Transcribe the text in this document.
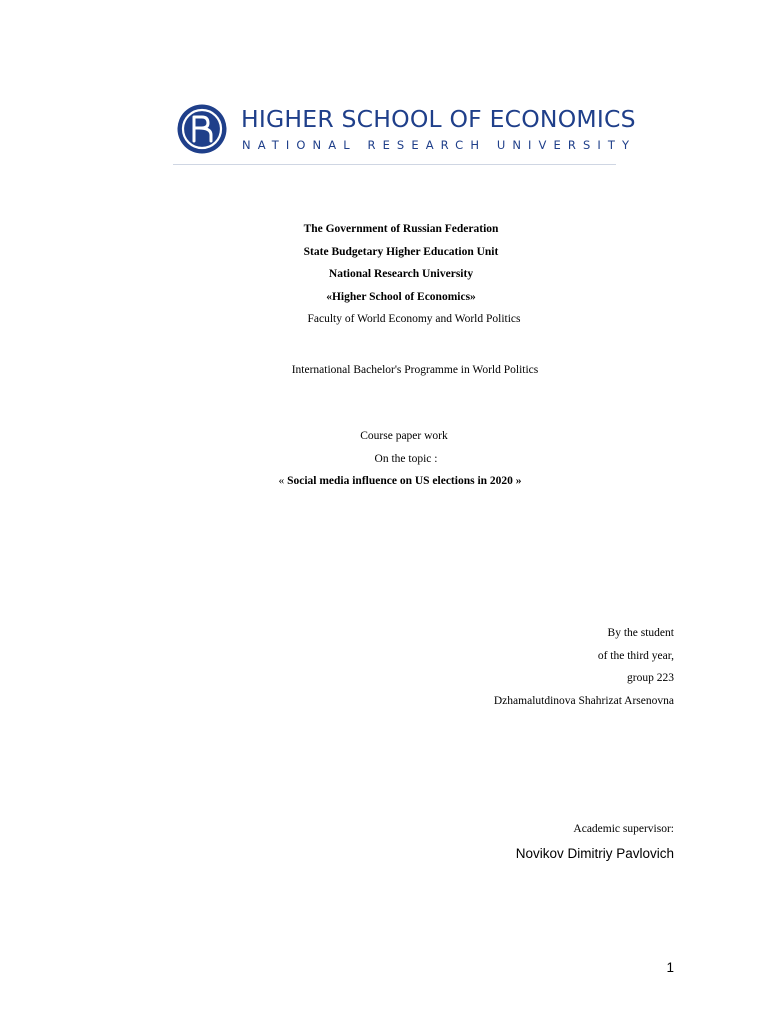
HIGHER SCHOOL OF ECONOMICS
NATIONAL RESEARCH UNIVERSITY
The Government of Russian Federation
State Budgetary Higher Education Unit
National Research University
«Higher School of Economics»
Faculty of World Economy and World Politics
International Bachelor's Programme in World Politics
Course paper work
On the topic :
« Social media influence on US elections in 2020 »
By the student
of the third year,
group 223
Dzhamalutdinova Shahrizat Arsenovna
Academic supervisor:
Novikov Dimitriy Pavlovich
1
